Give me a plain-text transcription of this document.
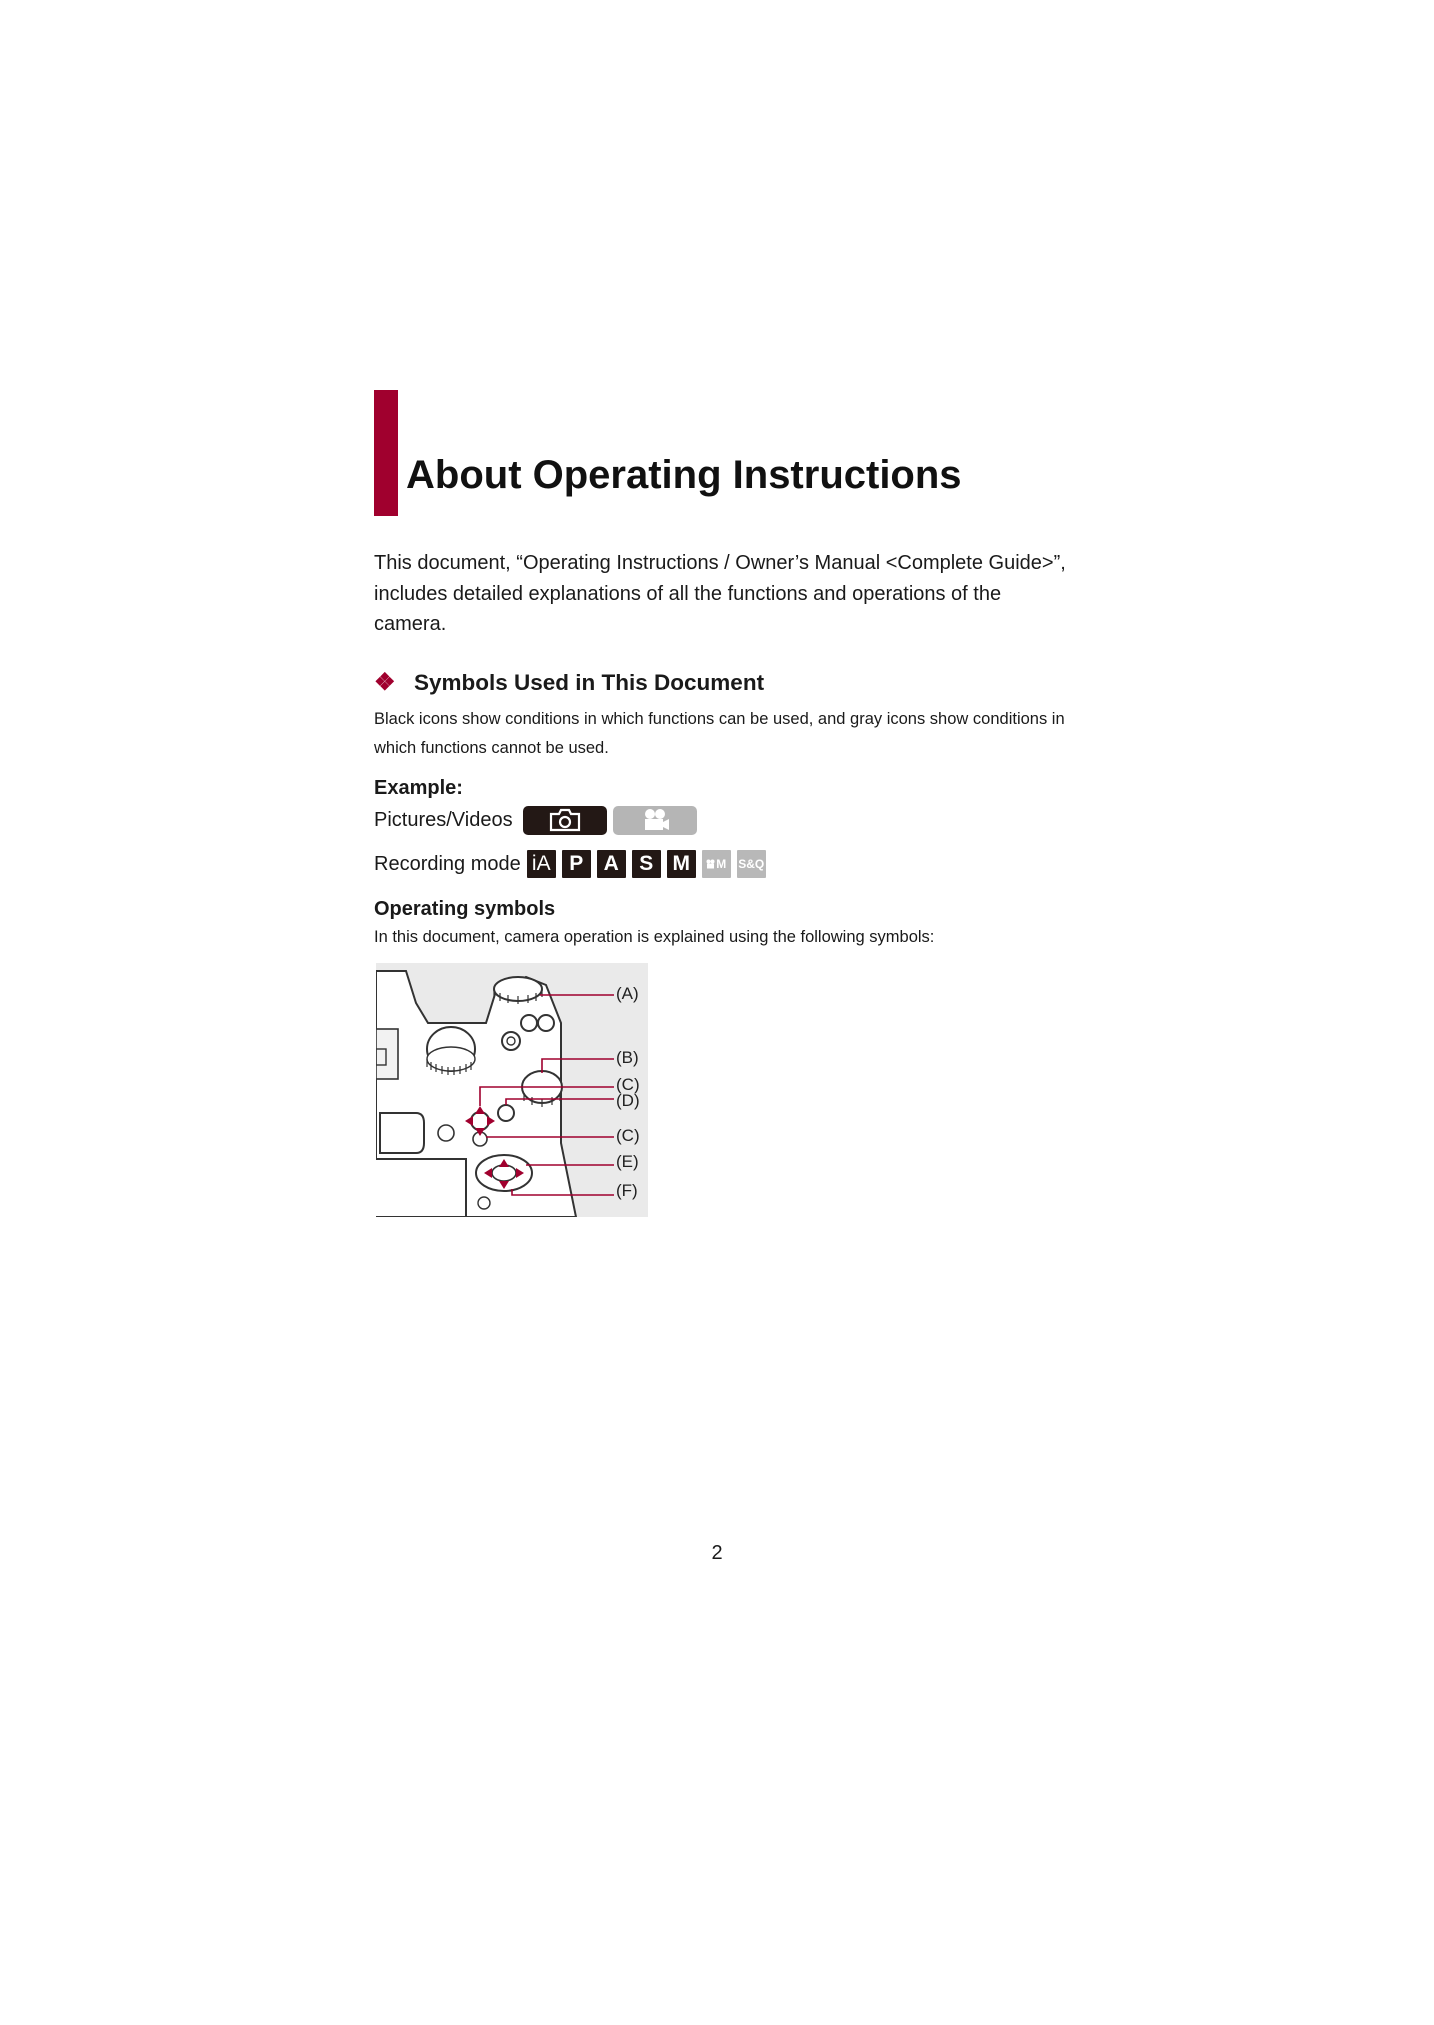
About Operating Instructions

This document, “Operating Instructions / Owner’s Manual <Complete Guide>”, includes detailed explanations of all the functions and operations of the camera.

❖ Symbols Used in This Document

Black icons show conditions in which functions can be used, and gray icons show conditions in which functions cannot be used.

Example:
Pictures/Videos
Recording mode iA P A S M	M S&Q
Operating symbols
In this document, camera operation is explained using the following symbols:
(A)
(B)
(C)
(D)
(C)
(E)
(F)
2
